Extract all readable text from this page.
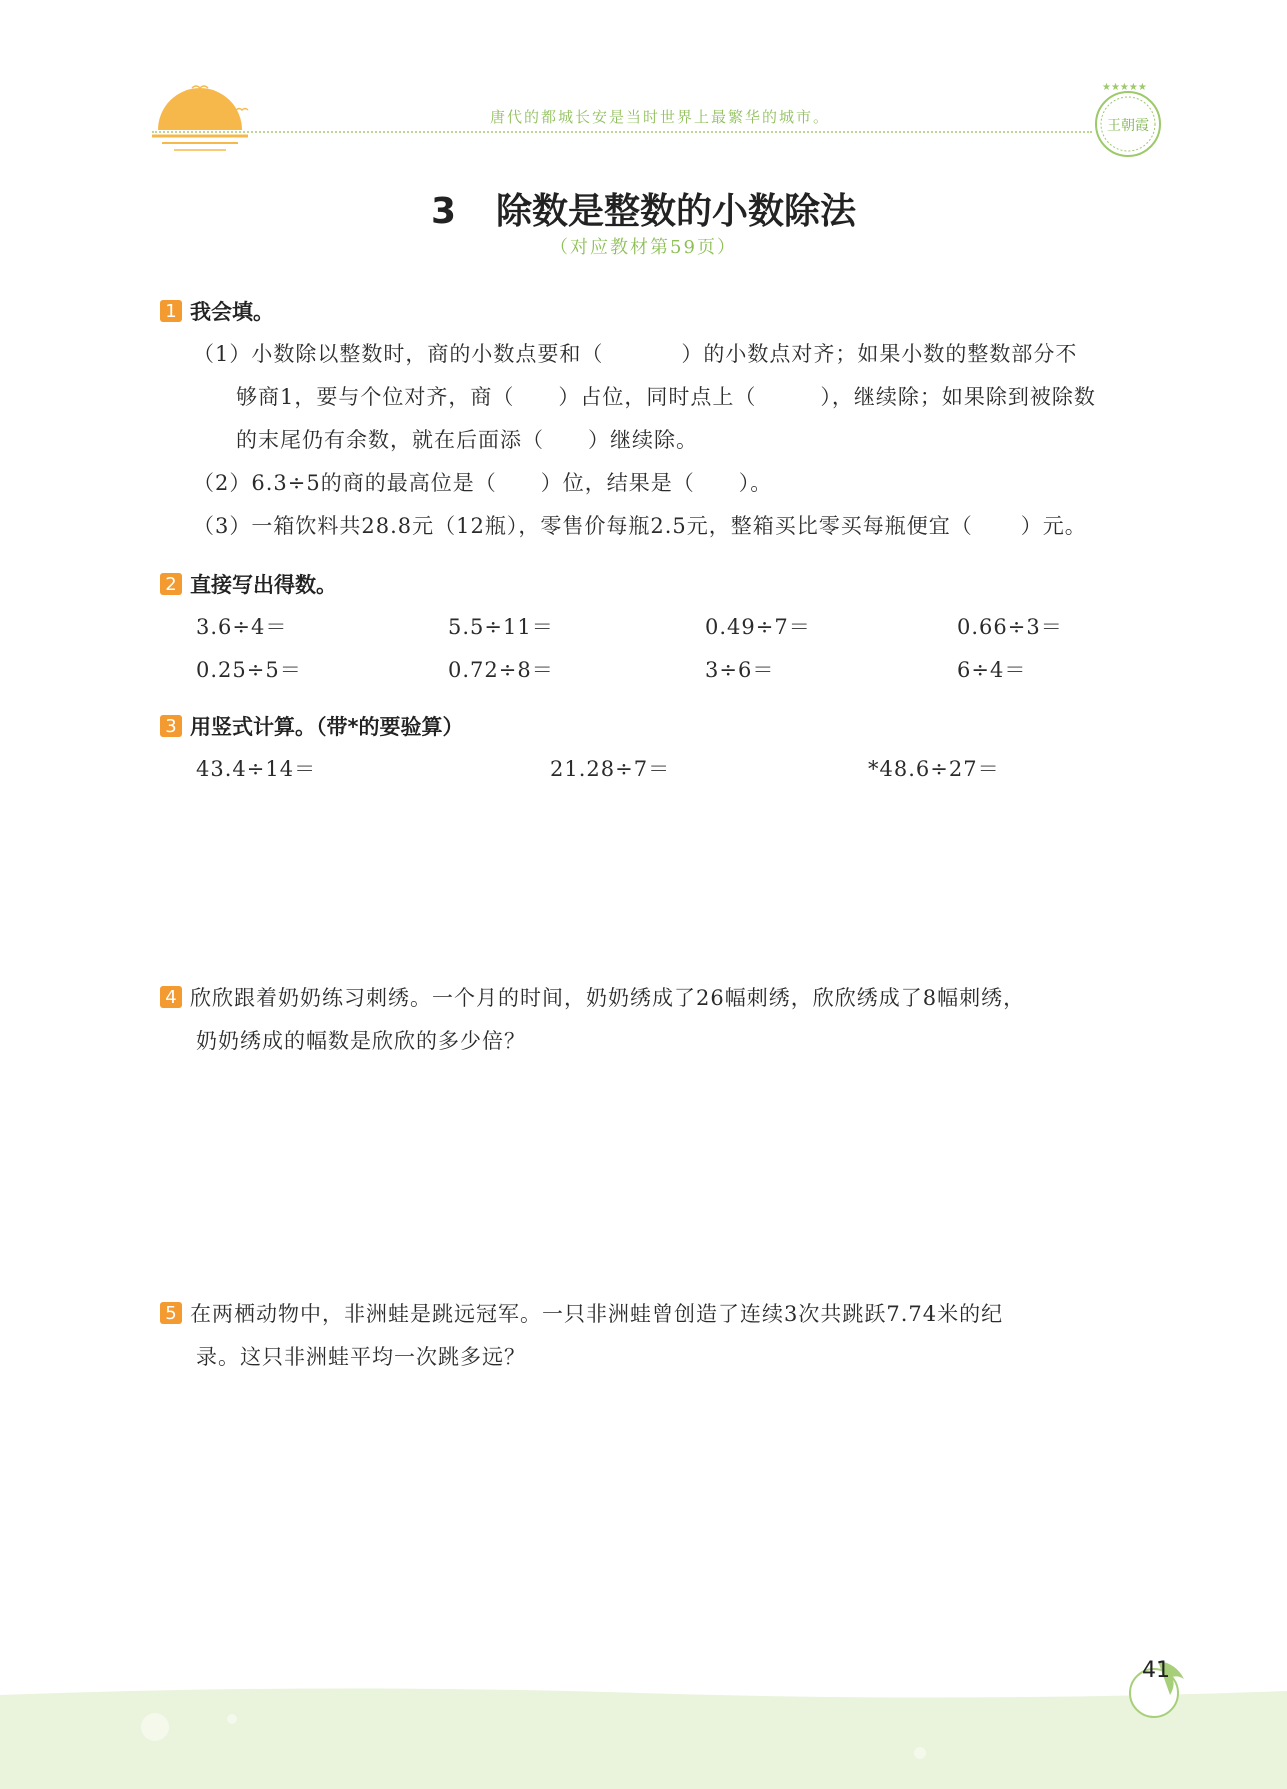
唐代的都城长安是当时世界上最繁华的城市。
★★★★★
王朝霞
3 除数是整数的小数除法
（对应教材第59页）
1 我会填。
（1）小数除以整数时，商的小数点要和（	）的小数点对齐；如果小数的整数部分不
够商1，要与个位对齐，商（ ）占位，同时点上（	），继续除；如果除到被除数
的末尾仍有余数，就在后面添（ ）继续除。
（2）6.3÷5的商的最高位是（ ）位，结果是（ ）。
（3）一箱饮料共28.8元（12瓶），零售价每瓶2.5元，整箱买比零买每瓶便宜（ ）元。
2 直接写出得数。
3.6÷4＝	5.5÷11＝	0.49÷7＝	0.66÷3＝
0.25÷5＝	0.72÷8＝	3÷6＝	6÷4＝
3 用竖式计算。（带*的要验算）
43.4÷14＝	21.28÷7＝	*48.6÷27＝
4 欣欣跟着奶奶练习刺绣。一个月的时间，奶奶绣成了26幅刺绣，欣欣绣成了8幅刺绣，
奶奶绣成的幅数是欣欣的多少倍？
5 在两栖动物中，非洲蛙是跳远冠军。一只非洲蛙曾创造了连续3次共跳跃7.74米的纪
录。这只非洲蛙平均一次跳多远？
41
